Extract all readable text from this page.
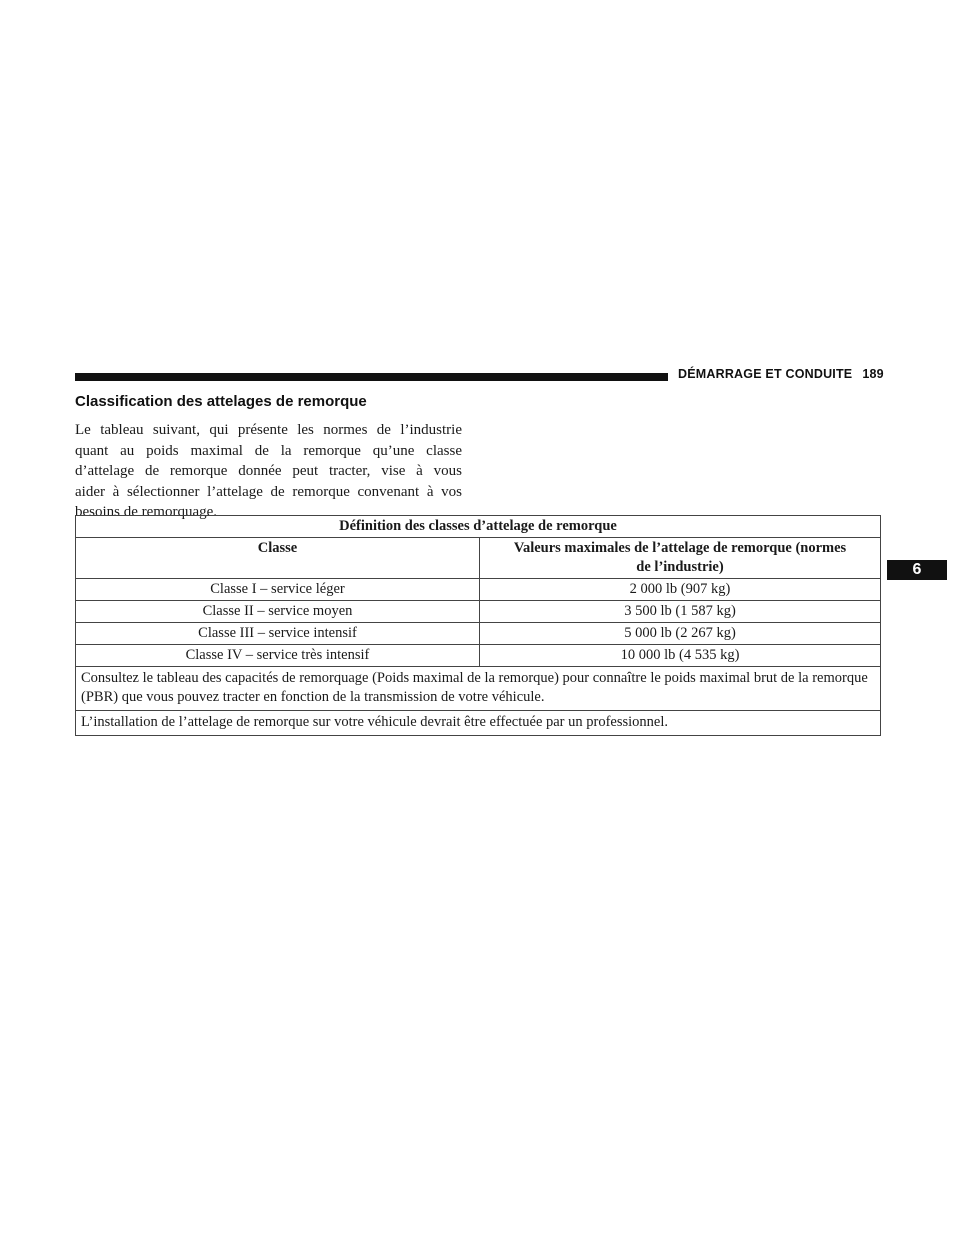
DÉMARRAGE ET CONDUITE 189
6
Classification des attelages de remorque
Le tableau suivant, qui présente les normes de l’industrie
quant au poids maximal de la remorque qu’une classe
d’attelage de remorque donnée peut tracter, vise à vous
aider à sélectionner l’attelage de remorque convenant à vos
besoins de remorquage.
Définition des classes d’attelage de remorque	
Classe	Valeurs maximales de l’attelage de remorque (normes
de l’industrie)

Classe I – service léger	2 000 lb (907 kg)
Classe II – service moyen	3 500 lb (1 587 kg)
Classe III – service intensif	5 000 lb (2 267 kg)
Classe IV – service très intensif	10 000 lb (4 535 kg)
Consultez le tableau des capacités de remorquage (Poids maximal de la remorque) pour connaître le poids maximal brut de la remorque (PBR) que vous pouvez tracter en fonction de la transmission de votre véhicule.	
L’installation de l’attelage de remorque sur votre véhicule devrait être effectuée par un professionnel.	
